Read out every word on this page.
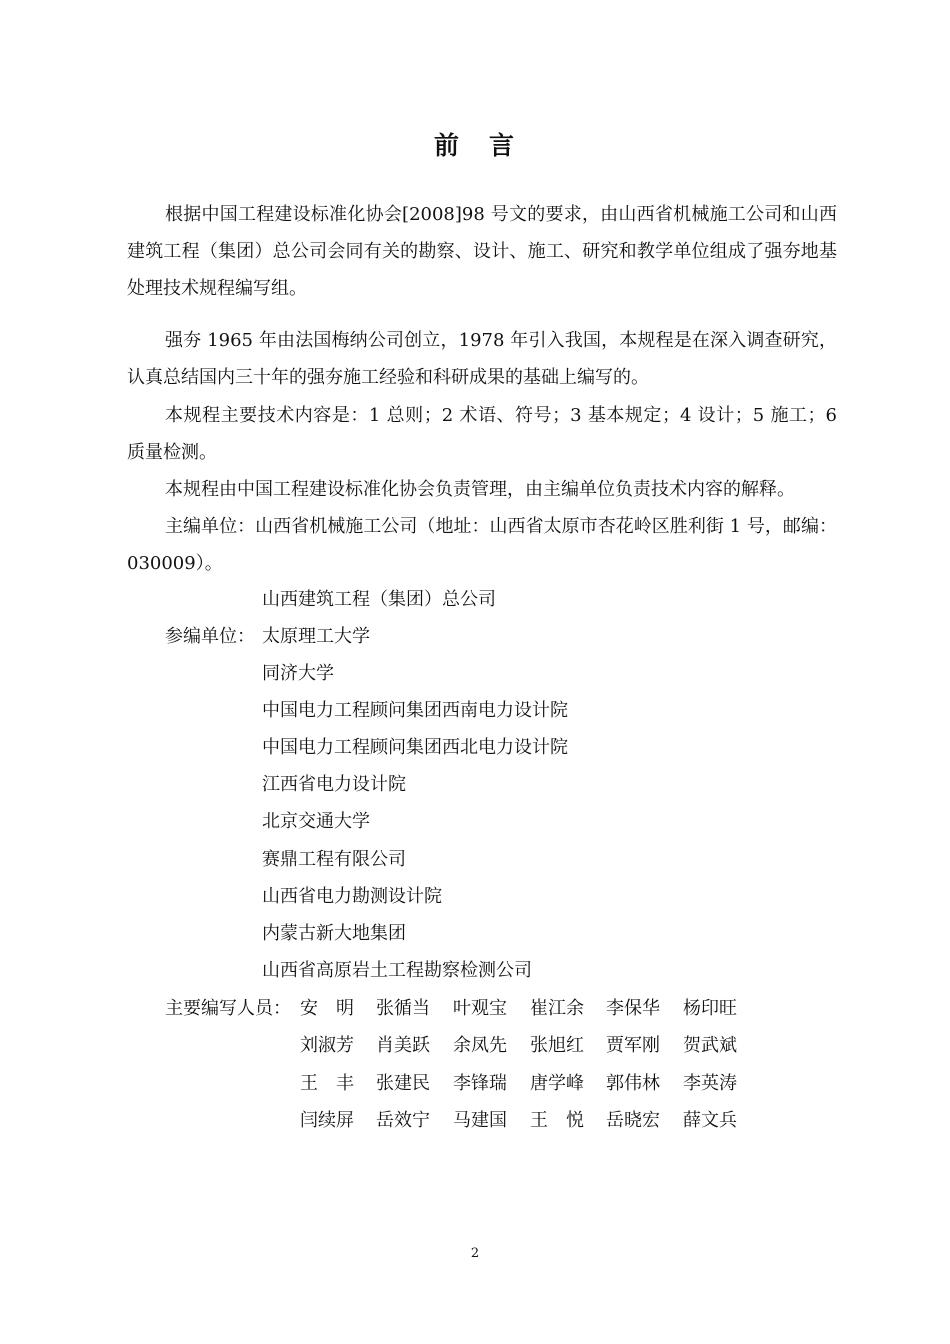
前 言
根据中国工程建设标准化协会[2008]98 号文的要求，由山西省机械施工公司和山西建筑工程（集团）总公司会同有关的勘察、设计、施工、研究和教学单位组成了强夯地基处理技术规程编写组。
强夯 1965 年由法国梅纳公司创立，1978 年引入我国，本规程是在深入调查研究，认真总结国内三十年的强夯施工经验和科研成果的基础上编写的。
本规程主要技术内容是：1 总则；2 术语、符号；3 基本规定；4 设计；5 施工；6 质量检测。
本规程由中国工程建设标准化协会负责管理，由主编单位负责技术内容的解释。
主编单位：山西省机械施工公司（地址：山西省太原市杏花岭区胜利街 1 号，邮编：030009）。
山西建筑工程（集团）总公司
参编单位： 太原理工大学
同济大学
中国电力工程顾问集团西南电力设计院
中国电力工程顾问集团西北电力设计院
江西省电力设计院
北京交通大学
赛鼎工程有限公司
山西省电力勘测设计院
内蒙古新大地集团
山西省高原岩土工程勘察检测公司
主要编写人员： 安　明 张循当 叶观宝 崔江余 李保华 杨印旺
刘淑芳 肖美跃 余凤先 张旭红 贾军刚 贺武斌
王　丰 张建民 李锋瑞 唐学峰 郭伟林 李英涛
闫续屏 岳效宁 马建国 王　悦 岳晓宏 薛文兵
2
